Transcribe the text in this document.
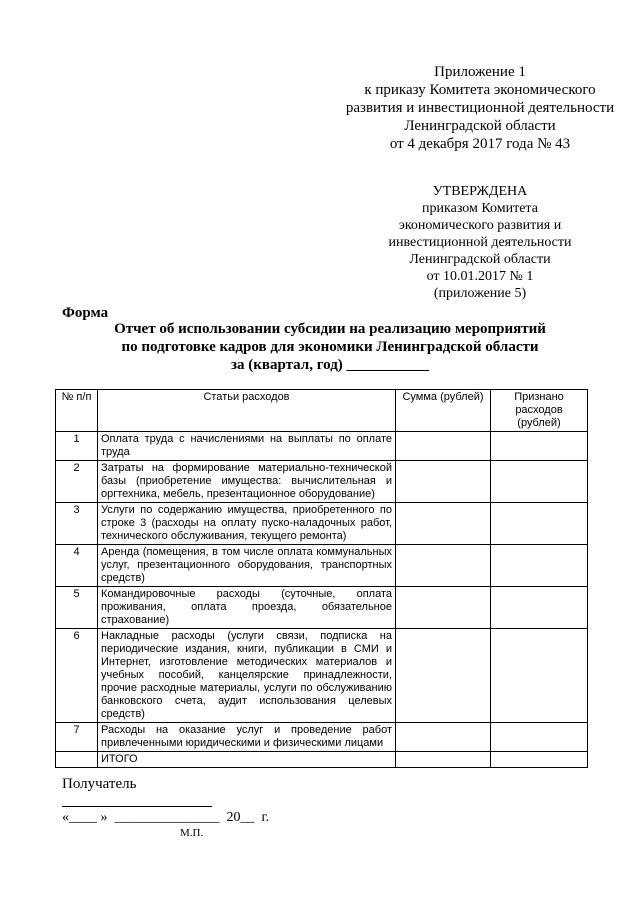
Приложение 1
к приказу Комитета экономического
развития и инвестиционной деятельности
Ленинградской области
от 4 декабря 2017 года № 43
УТВЕРЖДЕНА
приказом Комитета
экономического развития и
инвестиционной деятельности
Ленинградской области
от 10.01.2017 № 1
(приложение 5)
Форма
Отчет об использовании субсидии на реализацию мероприятий
по подготовке кадров для экономики Ленинградской области
за (квартал, год) ___________
№ п/п	Статьи расходов	Сумма (рублей)	Признано расходов (рублей)
1	Оплата труда с начислениями на выплаты по оплате труда		
2	Затраты на формирование материально-технической базы (приобретение имущества: вычислительная и оргтехника, мебель, презентационное оборудование)		
3	Услуги по содержанию имущества, приобретенного по строке 3 (расходы на оплату пуско-наладочных работ, технического обслуживания, текущего ремонта)		
4	Аренда (помещения, в том числе оплата коммунальных услуг, презентационного оборудования, транспортных средств)		
5	Командировочные расходы (суточные, оплата проживания, оплата проезда, обязательное страхование)		
6	Накладные расходы (услуги связи, подписка на периодические издания, книги, публикации в СМИ и Интернет, изготовление методических материалов и учебных пособий, канцелярские принадлежности, прочие расходные материалы, услуги по обслуживанию банковского счета, аудит использования целевых средств)		
7	Расходы на оказание услуг и проведение работ привлеченными юридическими и физическими лицами		
	ИТОГО		
Получатель
«____ »  _______________  20__  г.
М.П.
